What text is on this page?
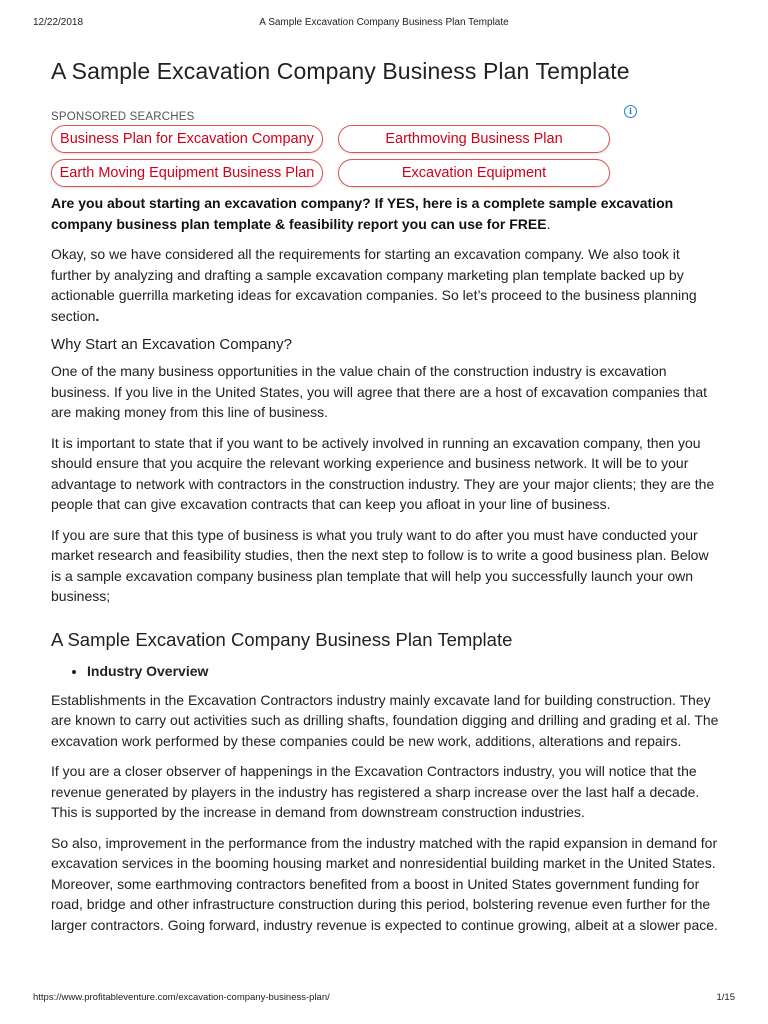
12/22/2018	A Sample Excavation Company Business Plan Template
A Sample Excavation Company Business Plan Template
SPONSORED SEARCHES	i
Business Plan for Excavation Company	Earthmoving Business Plan
Earth Moving Equipment Business Plan	Excavation Equipment

Are you about starting an excavation company? If YES, here is a complete sample excavation company business plan template & feasibility report you can use for FREE.

Okay, so we have considered all the requirements for starting an excavation company. We also took it further by analyzing and drafting a sample excavation company marketing plan template backed up by actionable guerrilla marketing ideas for excavation companies. So let’s proceed to the business planning section.

Why Start an Excavation Company?

One of the many business opportunities in the value chain of the construction industry is excavation business. If you live in the United States, you will agree that there are a host of excavation companies that are making money from this line of business.

It is important to state that if you want to be actively involved in running an excavation company, then you should ensure that you acquire the relevant working experience and business network. It will be to your advantage to network with contractors in the construction industry. They are your major clients; they are the people that can give excavation contracts that can keep you afloat in your line of business.

If you are sure that this type of business is what you truly want to do after you must have conducted your market research and feasibility studies, then the next step to follow is to write a good business plan. Below is a sample excavation company business plan template that will help you successfully launch your own business;

A Sample Excavation Company Business Plan Template
• Industry Overview

Establishments in the Excavation Contractors industry mainly excavate land for building construction. They are known to carry out activities such as drilling shafts, foundation digging and drilling and grading et al. The excavation work performed by these companies could be new work, additions, alterations and repairs.

If you are a closer observer of happenings in the Excavation Contractors industry, you will notice that the revenue generated by players in the industry has registered a sharp increase over the last half a decade. This is supported by the increase in demand from downstream construction industries.

So also, improvement in the performance from the industry matched with the rapid expansion in demand for excavation services in the booming housing market and nonresidential building market in the United States. Moreover, some earthmoving contractors benefited from a boost in United States government funding for road, bridge and other infrastructure construction during this period, bolstering revenue even further for the larger contractors. Going forward, industry revenue is expected to continue growing, albeit at a slower pace.

https://www.profitableventure.com/excavation-company-business-plan/	1/15
